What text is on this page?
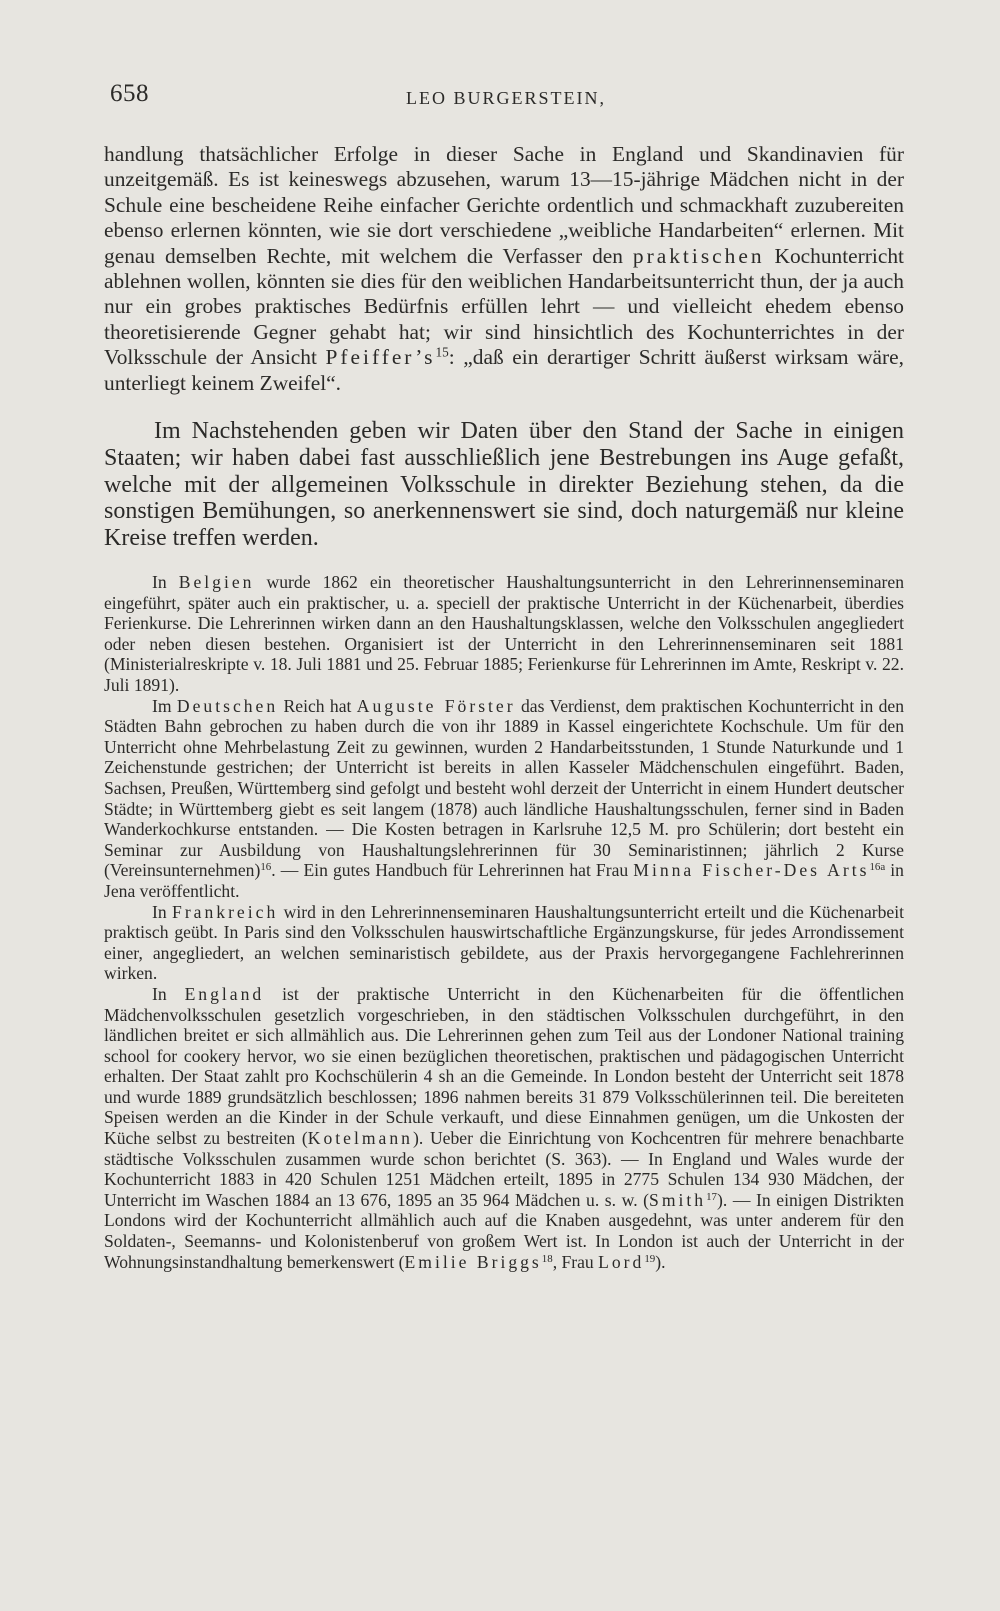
658	LEO BURGERSTEIN,

handlung thatsächlicher Erfolge in dieser Sache in England und Skandinavien für unzeitgemäß. Es ist keineswegs abzusehen, warum 13—15-jährige Mädchen nicht in der Schule eine bescheidene Reihe einfacher Gerichte ordentlich und schmackhaft zuzubereiten ebenso erlernen könnten, wie sie dort verschiedene „weibliche Handarbeiten“ erlernen. Mit genau demselben Rechte, mit welchem die Verfasser den praktischen Kochunterricht ablehnen wollen, könnten sie dies für den weiblichen Handarbeitsunterricht thun, der ja auch nur ein grobes praktisches Bedürfnis erfüllen lehrt — und vielleicht ehedem ebenso theoretisierende Gegner gehabt hat; wir sind hinsichtlich des Kochunterrichtes in der Volksschule der Ansicht $Pfeiffer’s^{15}$: „daß ein derartiger Schritt äußerst wirksam wäre, unterliegt keinem Zweifel“.

Im Nachstehenden geben wir Daten über den Stand der Sache in einigen Staaten; wir haben dabei fast ausschließlich jene Bestrebungen ins Auge gefaßt, welche mit der allgemeinen Volksschule in direkter Beziehung stehen, da die sonstigen Bemühungen, so anerkennenswert sie sind, doch naturgemäß nur kleine Kreise treffen werden.

In Belgien wurde 1862 ein theoretischer Haushaltungsunterricht in den Lehrerinnenseminaren eingeführt, später auch ein praktischer, u. a. speciell der praktische Unterricht in der Küchenarbeit, überdies Ferienkurse. Die Lehrerinnen wirken dann an den Haushaltungsklassen, welche den Volksschulen angegliedert oder neben diesen bestehen. Organisiert ist der Unterricht in den Lehrerinnenseminaren seit 1881 (Ministerialreskripte v. 18. Juli 1881 und 25. Februar 1885; Ferienkurse für Lehrerinnen im Amte, Reskript v. 22. Juli 1891).

Im Deutschen Reich hat Auguste Förster das Verdienst, dem praktischen Kochunterricht in den Städten Bahn gebrochen zu haben durch die von ihr 1889 in Kassel eingerichtete Kochschule. Um für den Unterricht ohne Mehrbelastung Zeit zu gewinnen, wurden 2 Handarbeitsstunden, 1 Stunde Naturkunde und 1 Zeichenstunde gestrichen; der Unterricht ist bereits in allen Kasseler Mädchenschulen eingeführt. Baden, Sachsen, Preußen, Württemberg sind gefolgt und besteht wohl derzeit der Unterricht in einem Hundert deutscher Städte; in Württemberg giebt es seit langem (1878) auch ländliche Haushaltungsschulen, ferner sind in Baden Wanderkochkurse entstanden. — Die Kosten betragen in Karlsruhe 12,5 M. pro Schülerin; dort besteht ein Seminar zur Ausbildung von Haushaltungslehrerinnen für 30 Seminaristinnen; jährlich 2 Kurse (Vereinsunternehmen)$^{16}$. — Ein gutes Handbuch für Lehrerinnen hat Frau Minna Fischer-Des Arts$^{16a}$ in Jena veröffentlicht.

In Frankreich wird in den Lehrerinnenseminaren Haushaltungsunterricht erteilt und die Küchenarbeit praktisch geübt. In Paris sind den Volksschulen hauswirtschaftliche Ergänzungskurse, für jedes Arrondissement einer, angegliedert, an welchen seminaristisch gebildete, aus der Praxis hervorgegangene Fachlehrerinnen wirken.

In England ist der praktische Unterricht in den Küchenarbeiten für die öffentlichen Mädchenvolksschulen gesetzlich vorgeschrieben, in den städtischen Volksschulen durchgeführt, in den ländlichen breitet er sich allmählich aus. Die Lehrerinnen gehen zum Teil aus der Londoner National training school for cookery hervor, wo sie einen bezüglichen theoretischen, praktischen und pädagogischen Unterricht erhalten. Der Staat zahlt pro Kochschülerin 4 sh an die Gemeinde. In London besteht der Unterricht seit 1878 und wurde 1889 grundsätzlich beschlossen; 1896 nahmen bereits 31 879 Volksschülerinnen teil. Die bereiteten Speisen werden an die Kinder in der Schule verkauft, und diese Einnahmen genügen, um die Unkosten der Küche selbst zu bestreiten (Kotelmann). Ueber die Einrichtung von Kochcentren für mehrere benachbarte städtische Volksschulen zusammen wurde schon berichtet (S. 363). — In England und Wales wurde der Kochunterricht 1883 in 420 Schulen 1251 Mädchen erteilt, 1895 in 2775 Schulen 134 930 Mädchen, der Unterricht im Waschen 1884 an 13 676, 1895 an 35 964 Mädchen u. s. w. (Smith$^{17}$). — In einigen Distrikten Londons wird der Kochunterricht allmählich auch auf die Knaben ausgedehnt, was unter anderem für den Soldaten-, Seemanns- und Kolonistenberuf von großem Wert ist. In London ist auch der Unterricht in der Wohnungsinstandhaltung bemerkenswert (Emilie Briggs$^{18}$, Frau Lord$^{19}$).
